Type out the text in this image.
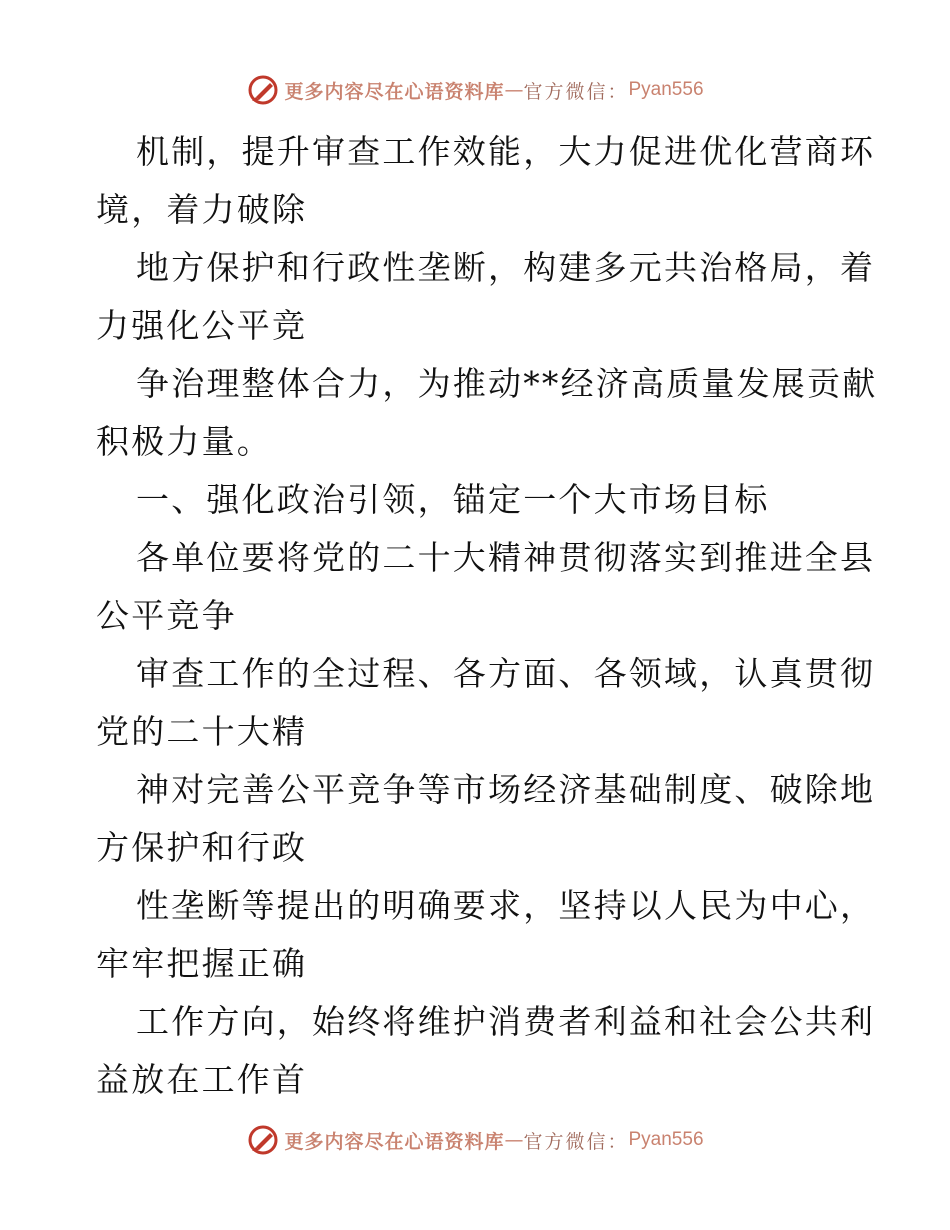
更多内容尽在心语资料库 — 官方微信： Pyan556

机制，提升审查工作效能，大力促进优化营商环
境，着力破除

地方保护和行政性垄断，构建多元共治格局，着
力强化公平竞

争治理整体合力，为推动**经济高质量发展贡献
积极力量。

一、强化政治引领，锚定一个大市场目标

各单位要将党的二十大精神贯彻落实到推进全县
公平竞争

审查工作的全过程、各方面、各领域，认真贯彻
党的二十大精

神对完善公平竞争等市场经济基础制度、破除地
方保护和行政

性垄断等提出的明确要求，坚持以人民为中心，
牢牢把握正确

工作方向，始终将维护消费者利益和社会公共利
益放在工作首

更多内容尽在心语资料库 — 官方微信： Pyan556
